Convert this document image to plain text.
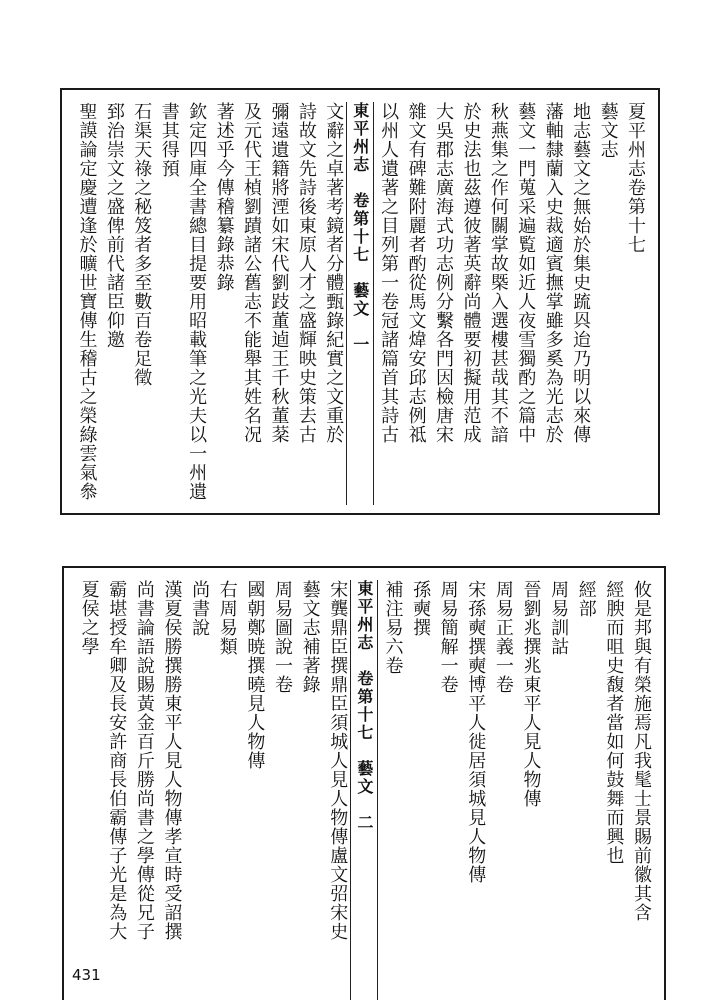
夏平州志卷第十七
藝文志
地志藝文之無始於集史䟽㒷迨乃明以來傳
藩軸隸蘭入史裁適賓撫掌雖多奚為光志於
藝文一門蒐采遍覧如近人夜雪獨酌之篇中
秋燕集之作何關掌故槩入選樓甚哉其不諳
於史法也茲遵彼著英辭尚體要初擬用范成
大吳郡志廣海式功志例分繫各門因檢唐宋
雜文有碑難附麗者酌從馬文煒安邱志例祗
以州人遺著之目列第一卷冠諸篇首其詩古
東平州志　卷第十七　藝文　一
文辭之卓著考鏡者分體甄錄紀實之文重於
詩故文先詩後東原人才之盛輝映史策去古
彌遠遺籍將湮如宋代劉跂董逌王千秋董棻
及元代王楨劉蹟諸公舊志不能舉其姓名况
著述乎今傳稽纂錄恭錄
欽定四庫全書總目提要用昭載筆之光夫以一州遺
書其得預
石渠天祿之秘笈者多至數百卷足徵
郅治崇文之盛俾前代諸臣仰邀
聖謨論定慶遭逢於曠世寶傳生稽古之榮綠雲氣叅
攸是邦與有榮施焉凡我髦士景賜前徽其含
經腴而咀史馥者當如何鼓舞而興也
經部
周易訓詁
晉劉兆撰兆東平人見人物傳
周易正義一卷
宋孫奭撰奭博平人徙居須城見人物傳
周易簡解一卷
孫奭撰
補注易六卷
東平州志　卷第十七　藝文　二
宋龔鼎臣撰鼎臣須城人見人物傳盧文弨宋史
藝文志補著錄
周易圖說一卷
國朝鄭暁撰曉見人物傳
右周易類
尚書說
漢夏侯勝撰勝東平人見人物傳孝宣時受詔撰
尚書論語說賜黃金百斤勝尚書之學傳從兄子
霸堪授牟卿及長安許商長伯霸傳子光是為大
夏侯之學
431
